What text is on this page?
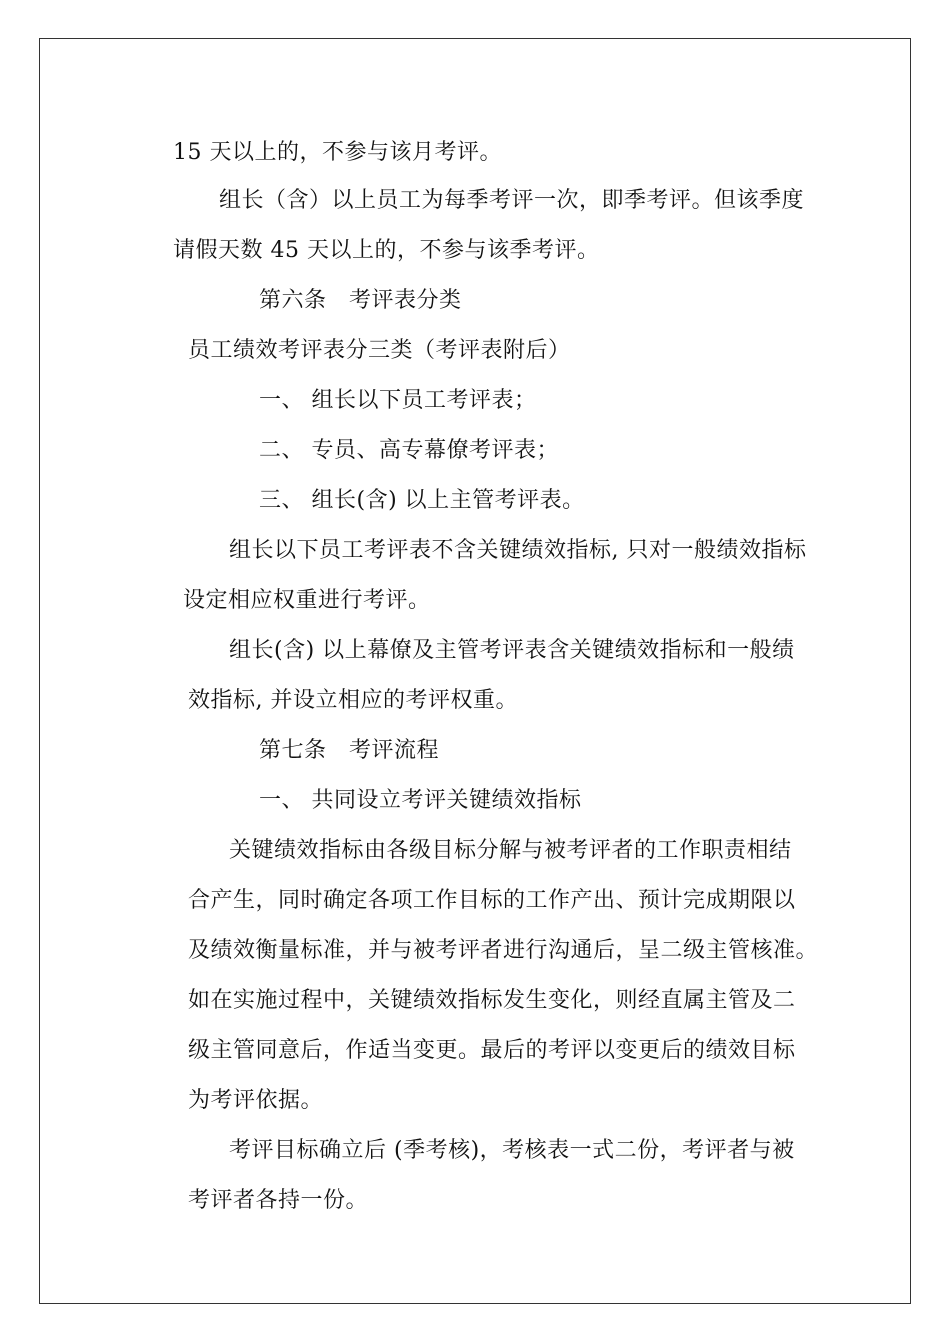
15 天以上的，不参与该月考评。
组长（含）以上员工为每季考评一次，即季考评。但该季度
请假天数 45 天以上的，不参与该季考评。
第六条　考评表分类
员工绩效考评表分三类（考评表附后）
一、 组长以下员工考评表；
二、 专员、高专幕僚考评表；
三、 组长(含) 以上主管考评表。
组长以下员工考评表不含关键绩效指标, 只对一般绩效指标
设定相应权重进行考评。
组长(含) 以上幕僚及主管考评表含关键绩效指标和一般绩
效指标, 并设立相应的考评权重。
第七条　考评流程
一、 共同设立考评关键绩效指标
关键绩效指标由各级目标分解与被考评者的工作职责相结
合产生，同时确定各项工作目标的工作产出、预计完成期限以
及绩效衡量标准，并与被考评者进行沟通后，呈二级主管核准。
如在实施过程中，关键绩效指标发生变化，则经直属主管及二
级主管同意后，作适当变更。最后的考评以变更后的绩效目标
为考评依据。
考评目标确立后 (季考核)，考核表一式二份，考评者与被
考评者各持一份。
